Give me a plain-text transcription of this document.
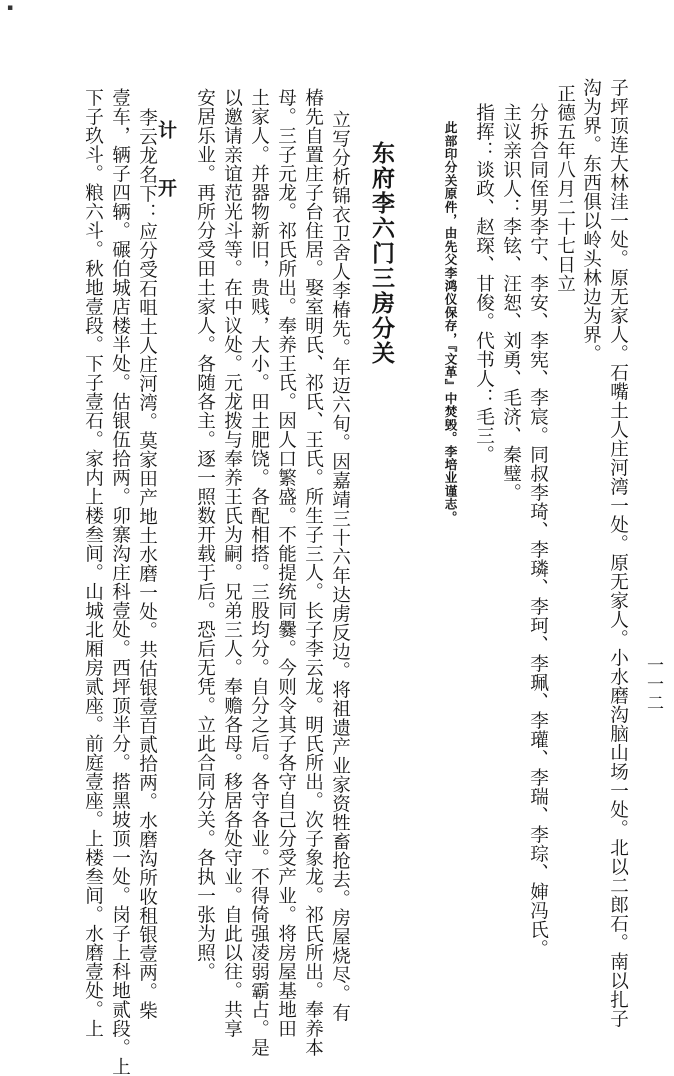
▪
一一二
子坪顶连大林洼一处。原无家人。石嘴土人庄河湾一处。原无家人。小水磨沟脑山场一处。北以二郎石。南以扎子
沟为界。东西俱以岭头林边为界。
正德五年八月二十七日立
分拆合同侄男李宁、李安、李宪、李宸。同叔李琦、李璘、李珂、李珮、李瓘、李瑞、李琮、婶冯氏。
主议亲识人：李铉、汪恕、刘勇、毛济、秦璧。
指挥：谈政、赵琛、甘俊。代书人：毛三。
此部印分关原件，由先父李鸿仪保存，『文革』中焚毁。李培业谨志。
东府李六门三房分关
立写分析锦衣卫舍人李椿先。年迈六旬。因嘉靖三十六年达虏反边。将祖遗产业家资牲畜抢去。房屋烧尽。有
椿先自置庄子台住居。娶室明氏、祁氏、王氏。所生子三人。长子李云龙。明氏所出。次子象龙。祁氏所出。奉养本
母。三子元龙。祁氏所出。奉养王氏。因人口繁盛。不能提统同爨。今则令其子各守自己分受产业。将房屋基地田
土家人。并器物新旧，贵贱，大小。田土肥饶。各配相搭。三股均分。自分之后。各守各业。不得倚强凌弱霸占。是
以邀请亲谊范光斗等。在中议处。元龙拨与奉养王氏为嗣。兄弟三人。奉赡各母。移居各处守业。自此以往。共享
安居乐业。再所分受田土家人。各随各主。逐一照数开载于后。恐后无凭。立此合同分关。各执一张为照。
计　开
李云龙名下：应分受石咀土人庄河湾。莫家田产地土水磨一处。共估银壹百贰拾两。水磨沟所收租银壹两。柴
壹车，辆子四辆。碾伯城店楼半处。估银伍拾两。卯寨沟庄科壹处。西坪顶半分。搭黑坡顶一处。岗子上科地贰段。上
下子玖斗。粮六斗。秋地壹段。下子壹石。家内上楼叁间。山城北厢房贰座。前庭壹座。上楼叁间。水磨壹处。上
